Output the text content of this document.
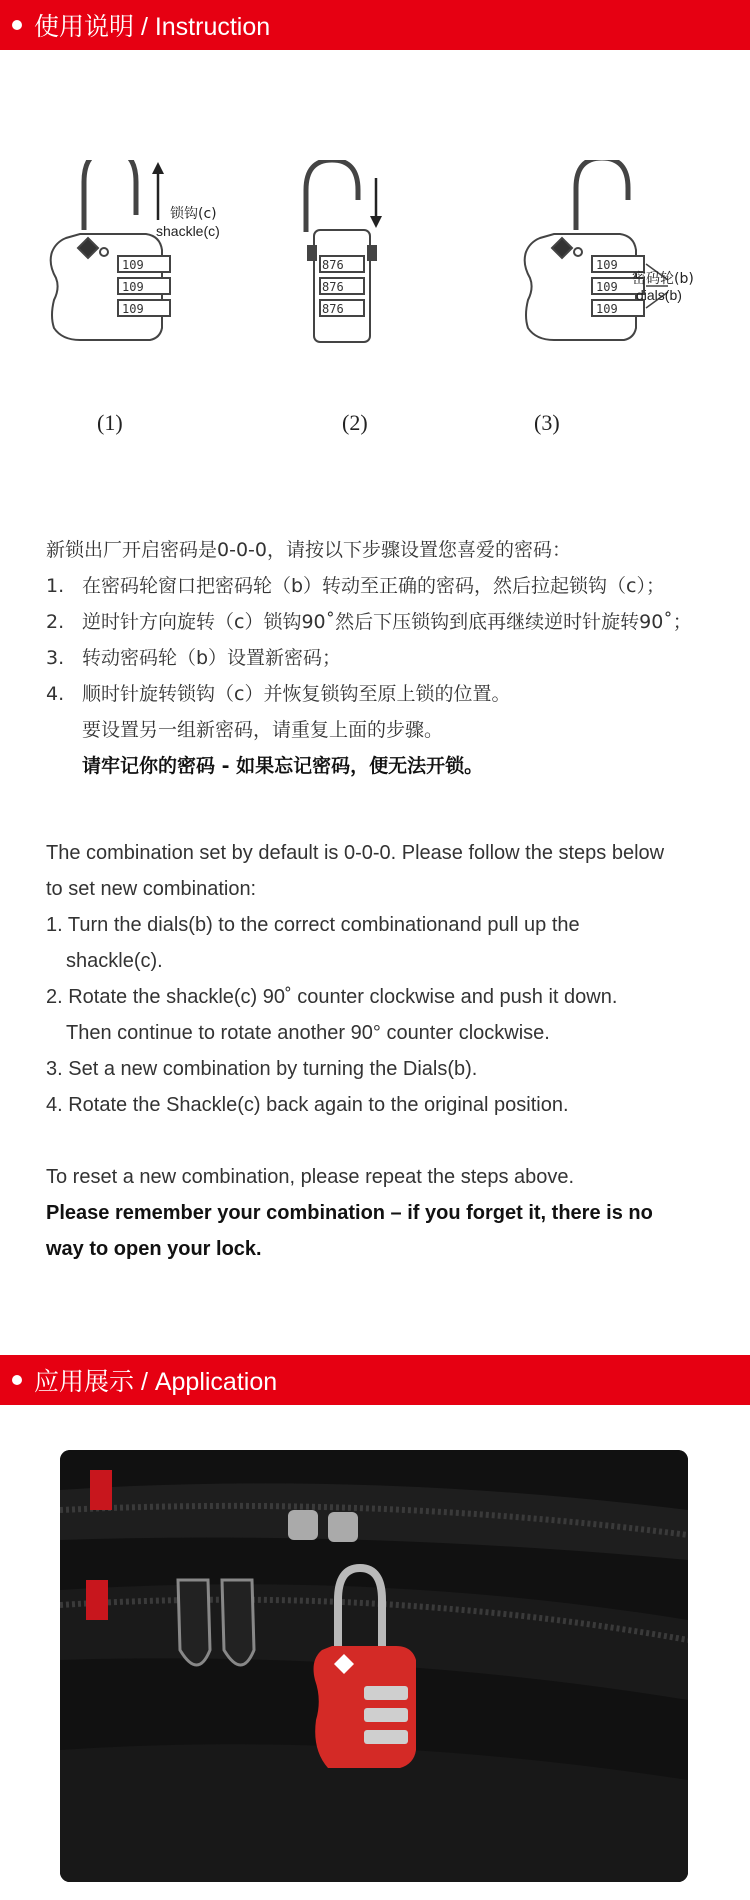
使用说明 / Instruction
109
109
109
锁钩(c)
shackle(c)
(1)
876
876
876
(2)
109
109
109
密码轮(b)
dials(b)
(3)
新锁出厂开启密码是0-0-0，请按以下步骤设置您喜爱的密码：
1. 在密码轮窗口把密码轮（b）转动至正确的密码，然后拉起锁钩（c）；
2. 逆时针方向旋转（c）锁钩90˚然后下压锁钩到底再继续逆时针旋转90˚；
3. 转动密码轮（b）设置新密码；
4. 顺时针旋转锁钩（c）并恢复锁钩至原上锁的位置。
要设置另一组新密码，请重复上面的步骤。
请牢记你的密码 - 如果忘记密码，便无法开锁。

The combination set by default is 0-0-0. Please follow the steps below

to set new combination:

1. Turn the dials(b) to the correct combinationand pull up the

shackle(c).

2. Rotate the shackle(c) 90˚ counter clockwise and push it down.

Then continue to rotate another 90° counter clockwise.

3. Set a new combination by turning the Dials(b).

4. Rotate the Shackle(c) back again to the original position.

To reset a new combination, please repeat the steps above.

Please remember your combination – if you forget it, there is no

way to open your lock.

应用展示 / Application
